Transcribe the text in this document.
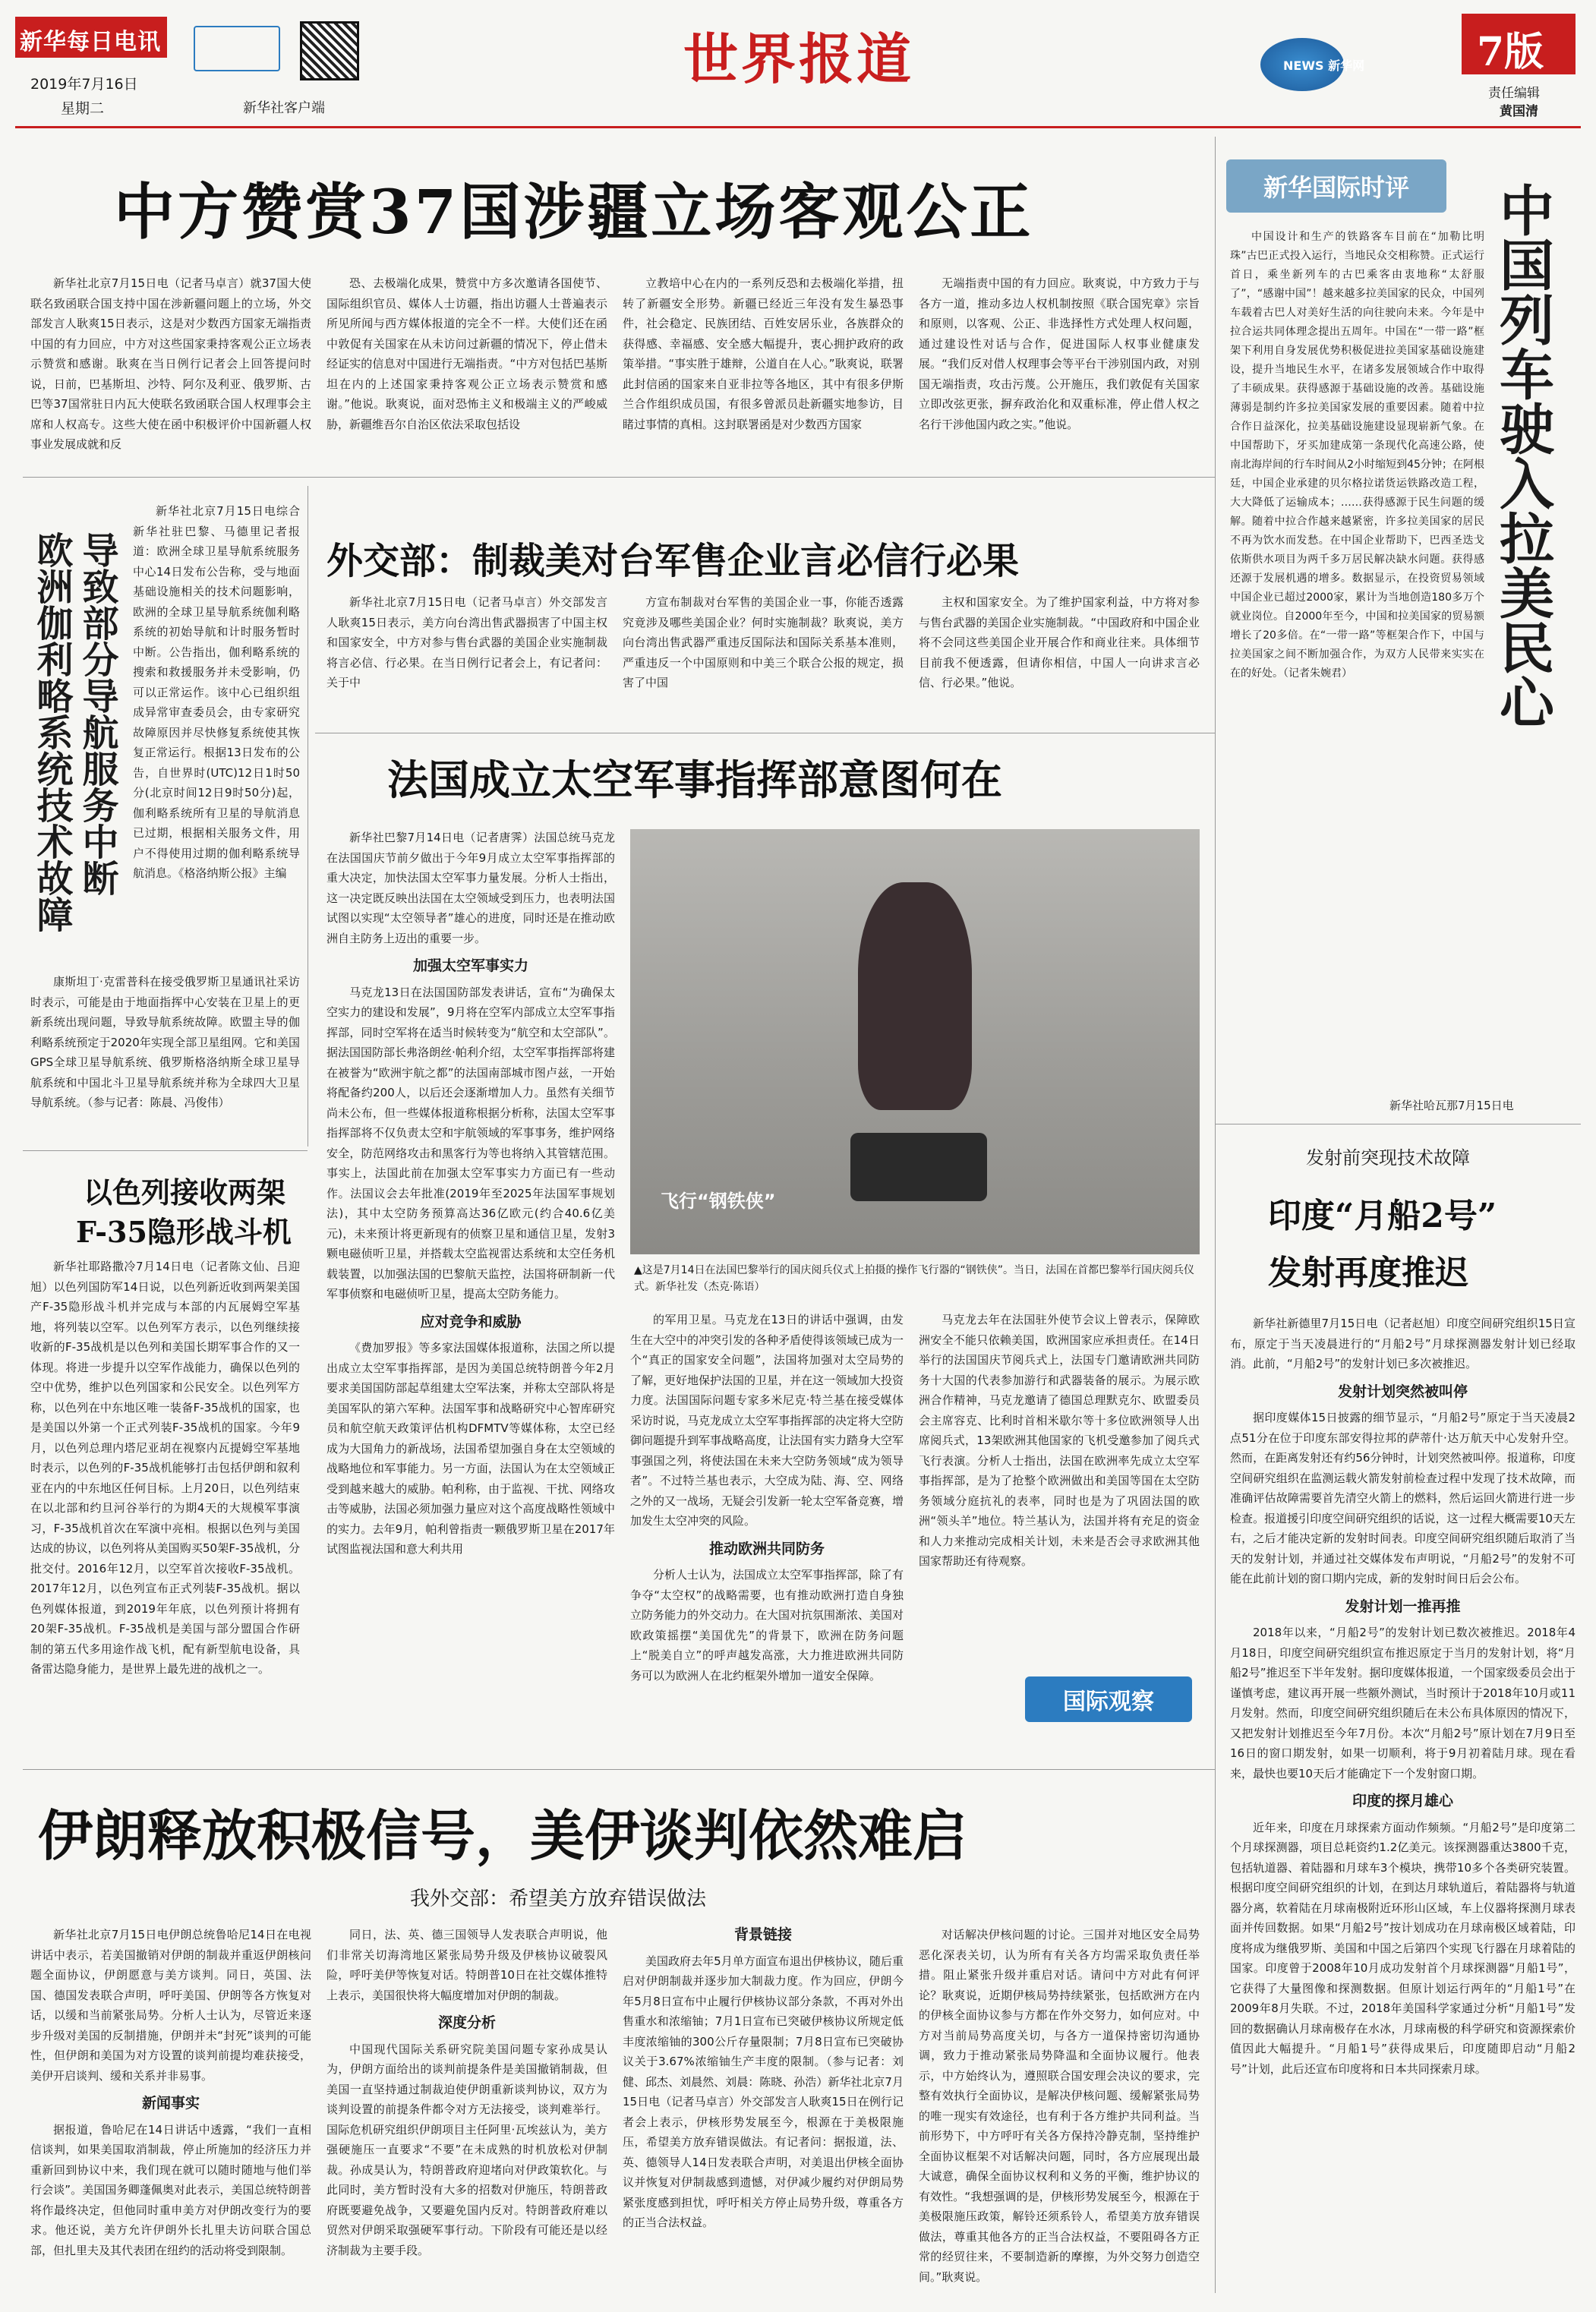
新华每日电讯
2019年7月16日
星期二	新华社客户端
世界报道	NEWS 新华网	7版
责任编辑
黄国清
中方赞赏37国涉疆立场客观公正

新华社北京7月15日电（记者马卓言）就37国大使联名致函联合国支持中国在涉新疆问题上的立场，外交部发言人耿爽15日表示，这是对少数西方国家无端指责中国的有力回应，中方对这些国家秉持客观公正立场表示赞赏和感谢。耿爽在当日例行记者会上回答提问时说，日前，巴基斯坦、沙特、阿尔及利亚、俄罗斯、古巴等37国常驻日内瓦大使联名致函联合国人权理事会主席和人权高专。这些大使在函中积极评价中国新疆人权事业发展成就和反

恐、去极端化成果，赞赏中方多次邀请各国使节、国际组织官员、媒体人士访疆，指出访疆人士普遍表示所见所闻与西方媒体报道的完全不一样。大使们还在函中敦促有关国家在从未访问过新疆的情况下，停止借未经证实的信息对中国进行无端指责。“中方对包括巴基斯坦在内的上述国家秉持客观公正立场表示赞赏和感谢。”他说。耿爽说，面对恐怖主义和极端主义的严峻威胁，新疆维吾尔自治区依法采取包括设

立教培中心在内的一系列反恐和去极端化举措，扭转了新疆安全形势。新疆已经近三年没有发生暴恐事件，社会稳定、民族团结、百姓安居乐业，各族群众的获得感、幸福感、安全感大幅提升，衷心拥护政府的政策举措。“事实胜于雄辩，公道自在人心。”耿爽说，联署此封信函的国家来自亚非拉等各地区，其中有很多伊斯兰合作组织成员国，有很多曾派员赴新疆实地参访，目睹过事情的真相。这封联署函是对少数西方国家

无端指责中国的有力回应。耿爽说，中方致力于与各方一道，推动多边人权机制按照《联合国宪章》宗旨和原则，以客观、公正、非选择性方式处理人权问题，通过建设性对话与合作，促进国际人权事业健康发展。“我们反对借人权理事会等平台干涉别国内政，对别国无端指责，攻击污蔑。公开施压，我们敦促有关国家立即改弦更张，摒弃政治化和双重标准，停止借人权之名行干涉他国内政之实。”他说。

外交部：制裁美对台军售企业言必信行必果

新华社北京7月15日电（记者马卓言）外交部发言人耿爽15日表示，美方向台湾出售武器损害了中国主权和国家安全，中方对参与售台武器的美国企业实施制裁将言必信、行必果。在当日例行记者会上，有记者问：关于中

方宣布制裁对台军售的美国企业一事，你能否透露究竟涉及哪些美国企业？何时实施制裁？耿爽说，美方向台湾出售武器严重违反国际法和国际关系基本准则，严重违反一个中国原则和中美三个联合公报的规定，损害了中国

主权和国家安全。为了维护国家利益，中方将对参与售台武器的美国企业实施制裁。“中国政府和中国企业将不会同这些美国企业开展合作和商业往来。具体细节目前我不便透露，但请你相信，中国人一向讲求言必信、行必果。”他说。

导致部分导航服务中断
欧洲伽利略系统技术故障

新华社北京7月15日电综合新华社驻巴黎、马德里记者报道：欧洲全球卫星导航系统服务中心14日发布公告称，受与地面基础设施相关的技术问题影响，欧洲的全球卫星导航系统伽利略系统的初始导航和计时服务暂时中断。公告指出，伽利略系统的搜索和救援服务并未受影响，仍可以正常运作。该中心已组织组成异常审查委员会，由专家研究故障原因并尽快修复系统使其恢复正常运行。根据13日发布的公告，自世界时(UTC)12日1时50分(北京时间12日9时50分)起，伽利略系统所有卫星的导航消息已过期，根据相关服务文件，用户不得使用过期的伽利略系统导航消息。《格洛纳斯公报》主编

康斯坦丁·克雷普科在接受俄罗斯卫星通讯社采访时表示，可能是由于地面指挥中心安装在卫星上的更新系统出现问题，导致导航系统故障。欧盟主导的伽利略系统预定于2020年实现全部卫星组网。它和美国GPS全球卫星导航系统、俄罗斯格洛纳斯全球卫星导航系统和中国北斗卫星导航系统并称为全球四大卫星导航系统。（参与记者：陈晨、冯俊伟）

以色列接收两架
F-35隐形战斗机

新华社耶路撒冷7月14日电（记者陈文仙、吕迎旭）以色列国防军14日说，以色列新近收到两架美国产F-35隐形战斗机并完成与本部的内瓦展姆空军基地，将列装以空军。以色列军方表示，以色列继续接收新的F-35战机是以色列和美国长期军事合作的又一体现。将进一步提升以空军作战能力，确保以色列的空中优势，维护以色列国家和公民安全。以色列军方称，以色列在中东地区唯一装备F-35战机的国家，也是美国以外第一个正式列装F-35战机的国家。今年9月，以色列总理内塔尼亚胡在视察内瓦提姆空军基地时表示，以色列的F-35战机能够打击包括伊朗和叙利亚在内的中东地区任何目标。上月20日，以色列结束在以北部和约旦河谷举行的为期4天的大规模军事演习，F-35战机首次在军演中亮相。根据以色列与美国达成的协议，以色列将从美国购买50架F-35战机，分批交付。2016年12月，以空军首次接收F-35战机。2017年12月，以色列宣布正式列装F-35战机。据以色列媒体报道，到2019年年底，以色列预计将拥有20架F-35战机。F-35战机是美国与部分盟国合作研制的第五代多用途作战飞机，配有新型航电设备，具备雷达隐身能力，是世界上最先进的战机之一。

法国成立太空军事指挥部意图何在

新华社巴黎7月14日电（记者唐霁）法国总统马克龙在法国国庆节前夕做出于今年9月成立太空军事指挥部的重大决定，加快法国太空军事力量发展。分析人士指出，这一决定既反映出法国在太空领域受到压力，也表明法国试图以实现“太空领导者”雄心的进度，同时还是在推动欧洲自主防务上迈出的重要一步。

加强太空军事实力

马克龙13日在法国国防部发表讲话，宣布“为确保太空实力的建设和发展”，9月将在空军内部成立太空军事指挥部，同时空军将在适当时候转变为“航空和太空部队”。据法国国防部长弗洛朗丝·帕利介绍，太空军事指挥部将建在被誉为“欧洲宇航之都”的法国南部城市图卢兹，一开始将配备约200人，以后还会逐渐增加人力。虽然有关细节尚未公布，但一些媒体报道称根据分析称，法国太空军事指挥部将不仅负责太空和宇航领域的军事事务，维护网络安全，防范网络攻击和黑客行为等也将纳入其管辖范围。事实上，法国此前在加强太空军事实力方面已有一些动作。法国议会去年批准(2019年至2025年法国军事规划法)，其中太空防务预算高达36亿欧元(约合40.6亿美元)，未来预计将更新现有的侦察卫星和通信卫星，发射3颗电磁侦听卫星，并搭载太空监视雷达系统和太空任务机载装置，以加强法国的巴黎航天监控，法国将研制新一代军事侦察和电磁侦听卫星，提高太空防务能力。

应对竞争和威胁

《费加罗报》等多家法国媒体报道称，法国之所以提出成立太空军事指挥部，是因为美国总统特朗普今年2月要求美国国防部起草组建太空军法案，并称太空部队将是美国军队的第六军种。法国军事和战略研究中心智库研究员和航空航天政策评估机构DFMTV等媒体称，太空已经成为大国角力的新战场，法国希望加强自身在太空领域的战略地位和军事能力。另一方面，法国认为在太空领域正受到越来越大的威胁。帕利称，由于监视、干扰、网络攻击等威胁，法国必须加强力量应对这个高度战略性领域中的实力。去年9月，帕利曾指责一颗俄罗斯卫星在2017年试图监视法国和意大利共用

飞行“钢铁侠”
▲这是7月14日在法国巴黎举行的国庆阅兵仪式上拍摄的操作飞行器的“钢铁侠”。当日，法国在首都巴黎举行国庆阅兵仪式。新华社发（杰克·陈语）

的军用卫星。马克龙在13日的讲话中强调，由发生在大空中的冲突引发的各种矛盾使得该领域已成为一个“真正的国家安全问题”，法国将加强对太空局势的了解，更好地保护法国的卫星，并在这一领域加大投资力度。法国国际问题专家多米尼克·特兰基在接受媒体采访时说，马克龙成立太空军事指挥部的决定将大空防御问题提升到军事战略高度，让法国有实力踏身大空军事强国之列，将使法国在未来大空防务领域“成为领导者”。不过特兰基也表示，大空成为陆、海、空、网络之外的又一战场，无疑会引发新一轮太空军备竞赛，增加发生太空冲突的风险。

推动欧洲共同防务

分析人士认为，法国成立太空军事指挥部，除了有争夺“太空权”的战略需要，也有推动欧洲打造自身独立防务能力的外交动力。在大国对抗氛围渐浓、美国对欧政策摇摆“美国优先”的背景下，欧洲在防务问题上“脱美自立”的呼声越发高涨，大力推进欧洲共同防务可以为欧洲人在北约框架外增加一道安全保障。

马克龙去年在法国驻外使节会议上曾表示，保障欧洲安全不能只依赖美国，欧洲国家应承担责任。在14日举行的法国国庆节阅兵式上，法国专门邀请欧洲共同防务十大国的代表参加游行和武器装备的展示。为展示欧洲合作精神，马克龙邀请了德国总理默克尔、欧盟委员会主席容克、比利时首相米歇尔等十多位欧洲领导人出席阅兵式，13架欧洲其他国家的飞机受邀参加了阅兵式飞行表演。分析人士指出，法国在欧洲率先成立太空军事指挥部，是为了抢整个欧洲做出和美国等国在太空防务领域分庭抗礼的表率，同时也是为了巩固法国的欧洲“领头羊”地位。特兰基认为，法国并将有充足的资金和人力来推动完成相关计划，未来是否会寻求欧洲其他国家帮助还有待观察。

国际观察
新华国际时评	中国列车驶入拉美民心

中国设计和生产的铁路客车目前在“加勒比明珠”古巴正式投入运行，当地民众交相称赞。正式运行首日，乘坐新列车的古巴乘客由衷地称“太舒服了”，“感谢中国”！越来越多拉美国家的民众，中国列车载着古巴人对美好生活的向往驶向未来。今年是中拉合运共同体理念提出五周年。中国在“一带一路”框架下利用自身发展优势积极促进拉美国家基础设施建设，提升当地民生水平，在诸多发展领域合作中取得了丰硕成果。获得感源于基础设施的改善。基础设施薄弱是制约许多拉美国家发展的重要因素。随着中拉合作日益深化，拉美基础设施建设显现崭新气象。在中国帮助下，牙买加建成第一条现代化高速公路，使南北海岸间的行车时间从2小时缩短到45分钟；在阿根廷，中国企业承建的贝尔格拉诺货运铁路改造工程，大大降低了运输成本；……获得感源于民生问题的缓解。随着中拉合作越来越紧密，许多拉美国家的居民不再为饮水而发愁。在中国企业帮助下，巴西圣迭戈依斯供水项目为两千多万居民解决缺水问题。获得感还源于发展机遇的增多。数据显示，在投资贸易领域中国企业已超过2000家，累计为当地创造180多万个就业岗位。自2000年至今，中国和拉美国家的贸易额增长了20多倍。在“一带一路”等框架合作下，中国与拉美国家之间不断加强合作，为双方人民带来实实在在的好处。（记者朱婉君）

新华社哈瓦那7月15日电
发射前突现技术故障
印度“月船2号”
发射再度推迟

新华社新德里7月15日电（记者赵旭）印度空间研究组织15日宣布，原定于当天凌晨进行的“月船2号”月球探测器发射计划已经取消。此前，“月船2号”的发射计划已多次被推迟。

发射计划突然被叫停

据印度媒体15日披露的细节显示，“月船2号”原定于当天凌晨2点51分在位于印度东部安得拉邦的萨蒂什·达万航天中心发射升空。然而，在距离发射还有约56分钟时，计划突然被叫停。报道称，印度空间研究组织在监测运载火箭发射前检查过程中发现了技术故障，而准确评估故障需要首先清空火箭上的燃料，然后运回火箭进行进一步检查。报道援引印度空间研究组织的话说，这一过程大概需要10天左右，之后才能决定新的发射时间表。印度空间研究组织随后取消了当天的发射计划，并通过社交媒体发布声明说，“月船2号”的发射不可能在此前计划的窗口期内完成，新的发射时间日后会公布。

发射计划一推再推

2018年以来，“月船2号”的发射计划已数次被推迟。2018年4月18日，印度空间研究组织宣布推迟原定于当月的发射计划，将“月船2号”推迟至下半年发射。据印度媒体报道，一个国家级委员会出于谨慎考虑，建议再开展一些额外测试，当时预计于2018年10月或11月发射。然而，印度空间研究组织随后在未公布具体原因的情况下，又把发射计划推迟至今年7月份。本次“月船2号”原计划在7月9日至16日的窗口期发射，如果一切顺利，将于9月初着陆月球。现在看来，最快也要10天后才能确定下一个发射窗口期。

印度的探月雄心

近年来，印度在月球探索方面动作频频。“月船2号”是印度第二个月球探测器，项目总耗资约1.2亿美元。该探测器重达3800千克，包括轨道器、着陆器和月球车3个模块，携带10多个各类研究装置。根据印度空间研究组织的计划，在到达月球轨道后，着陆器将与轨道器分离，软着陆在月球南极附近环形山区域，车上仪器将探测月球表面并传回数据。如果“月船2号”按计划成功在月球南极区域着陆，印度将成为继俄罗斯、美国和中国之后第四个实现飞行器在月球着陆的国家。印度曾于2008年10月成功发射首个月球探测器“月船1号”，它获得了大量图像和探测数据。但原计划运行两年的“月船1号”在2009年8月失联。不过，2018年美国科学家通过分析“月船1号”发回的数据确认月球南极存在水冰，月球南极的科学研究和资源探索价值因此大幅提升。“月船1号”获得成果后，印度随即启动“月船2号”计划，此后还宣布印度将和日本共同探索月球。

伊朗释放积极信号，美伊谈判依然难启
我外交部：希望美方放弃错误做法

新华社北京7月15日电伊朗总统鲁哈尼14日在电视讲话中表示，若美国撤销对伊朗的制裁并重返伊朗核问题全面协议，伊朗愿意与美方谈判。同日，英国、法国、德国发表联合声明，呼吁美国、伊朗等各方恢复对话，以缓和当前紧张局势。分析人士认为，尽管近来逐步升级对美国的反制措施，伊朗并未“封死”谈判的可能性，但伊朗和美国为对方设置的谈判前提均难获接受，美伊开启谈判、缓和关系并非易事。

新闻事实

据报道，鲁哈尼在14日讲话中透露，“我们一直相信谈判，如果美国取消制裁，停止所施加的经济压力并重新回到协议中来，我们现在就可以随时随地与他们举行会谈”。美国国务卿蓬佩奥对此表示，美国总统特朗普将作最终决定，但他同时重申美方对伊朗改变行为的要求。他还说，美方允许伊朗外长扎里夫访问联合国总部，但扎里夫及其代表团在纽约的活动将受到限制。

同日，法、英、德三国领导人发表联合声明说，他们非常关切海湾地区紧张局势升级及伊核协议破裂风险，呼吁美伊等恢复对话。特朗普10日在社交媒体推特上表示，美国很快将大幅度增加对伊朗的制裁。

深度分析

中国现代国际关系研究院美国问题专家孙成昊认为，伊朗方面给出的谈判前提条件是美国撤销制裁，但美国一直坚持通过制裁迫使伊朗重新谈判协议，双方为谈判设置的前提条件都令对方无法接受，谈判难举行。国际危机研究组织伊朗项目主任阿里·瓦埃兹认为，美方强硬施压一直要求“不要”在未成熟的时机放松对伊制裁。孙成昊认为，特朗普政府迎堵向对伊政策软化。与此同时，美方暂时没有大多的招数对伊施压，特朗普政府既要避免战争，又要避免国内反对。特朗普政府难以贸然对伊朗采取强硬军事行动。下阶段有可能还是以经济制裁为主要手段。

背景链接

美国政府去年5月单方面宣布退出伊核协议，随后重启对伊朗制裁并逐步加大制裁力度。作为回应，伊朗今年5月8日宣布中止履行伊核协议部分条款，不再对外出售重水和浓缩铀；7月1日宣布已突破伊核协议所规定低丰度浓缩铀的300公斤存量限制；7月8日宣布已突破协议关于3.67%浓缩铀生产丰度的限制。（参与记者：刘健、邱杰、刘晨然、刘晨：陈晓、孙浩）新华社北京7月15日电（记者马卓言）外交部发言人耿爽15日在例行记者会上表示，伊核形势发展至今，根源在于美极限施压，希望美方放弃错误做法。有记者问：据报道，法、英、德领导人14日发表联合声明，对美退出伊核全面协议并恢复对伊制裁感到遗憾，对伊减少履约对伊朗局势紧张度感到担忧，呼吁相关方停止局势升级，尊重各方的正当合法权益。

对话解决伊核问题的讨论。三国并对地区安全局势恶化深表关切，认为所有有关各方均需采取负责任举措。阻止紧张升级并重启对话。请问中方对此有何评论？耿爽说，近期伊核局势持续紧张，包括欧洲方在内的伊核全面协议参与方都在作外交努力，如何应对。中方对当前局势高度关切，与各方一道保持密切沟通协调，致力于推动紧张局势降温和全面协议履行。他表示，中方始终认为，遵照联合国安理会决议的要求，完整有效执行全面协议，是解决伊核问题、缓解紧张局势的唯一现实有效途径，也有利于各方维护共同利益。当前形势下，中方呼吁有关各方保持冷静克制，坚持维护全面协议框架不对话解决问题，同时，各方应展现出最大诚意，确保全面协议权利和义务的平衡，维护协议的有效性。“我想强调的是，伊核形势发展至今，根源在于美极限施压政策，解铃还须系铃人，希望美方放弃错误做法，尊重其他各方的正当合法权益，不要阻碍各方正常的经贸往来，不要制造新的摩擦，为外交努力创造空间。”耿爽说。
